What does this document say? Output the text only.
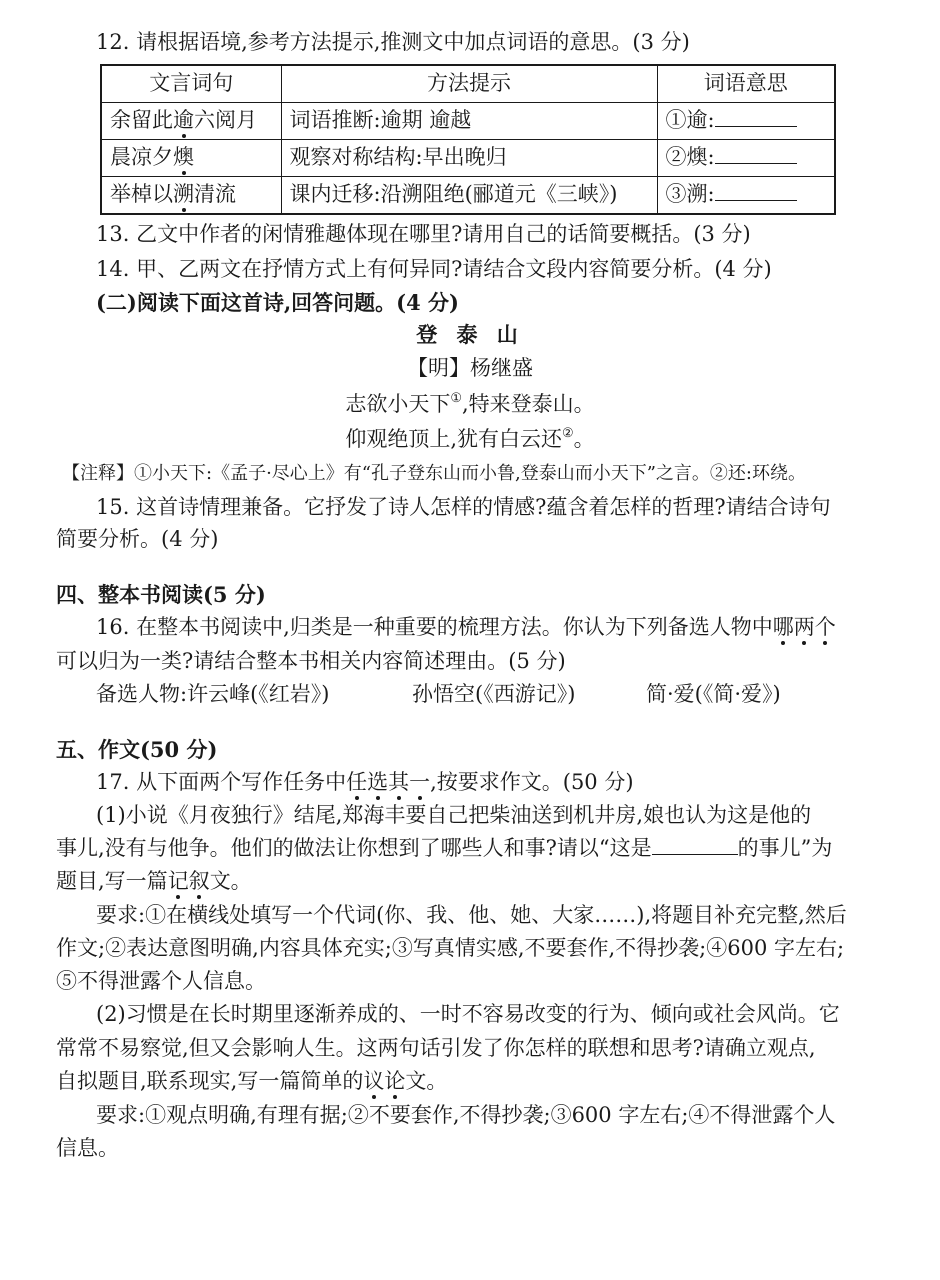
12. 请根据语境,参考方法提示,推测文中加点词语的意思。(3 分)
文言词句	方法提示	词语意思
余留此逾六阅月	词语推断:逾期 逾越	①逾:
晨凉夕燠	观察对称结构:早出晚归	②燠:
举棹以溯清流	课内迁移:沿溯阻绝(郦道元《三峡》)	③溯:
13. 乙文中作者的闲情雅趣体现在哪里?请用自己的话简要概括。(3 分)
14. 甲、乙两文在抒情方式上有何异同?请结合文段内容简要分析。(4 分)
(二)阅读下面这首诗,回答问题。(4 分)
登 泰 山
【明】杨继盛
志欲小天下①,特来登泰山。
仰观绝顶上,犹有白云还②。
【注释】①小天下:《孟子·尽心上》有“孔子登东山而小鲁,登泰山而小天下”之言。②还:环绕。
15. 这首诗情理兼备。它抒发了诗人怎样的情感?蕴含着怎样的哲理?请结合诗句
简要分析。(4 分)
四、整本书阅读(5 分)
16. 在整本书阅读中,归类是一种重要的梳理方法。你认为下列备选人物中哪两个
可以归为一类?请结合整本书相关内容简述理由。(5 分)
备选人物:许云峰(《红岩》)	孙悟空(《西游记》)	简·爱(《简·爱》)
五、作文(50 分)
17. 从下面两个写作任务中任选其一,按要求作文。(50 分)
(1)小说《月夜独行》结尾,郑海丰要自己把柴油送到机井房,娘也认为这是他的
事儿,没有与他争。他们的做法让你想到了哪些人和事?请以“这是	的事儿”为
题目,写一篇记叙文。
要求:①在横线处填写一个代词(你、我、他、她、大家……),将题目补充完整,然后
作文;②表达意图明确,内容具体充实;③写真情实感,不要套作,不得抄袭;④600 字左右;
⑤不得泄露个人信息。
(2)习惯是在长时期里逐渐养成的、一时不容易改变的行为、倾向或社会风尚。它
常常不易察觉,但又会影响人生。这两句话引发了你怎样的联想和思考?请确立观点,
自拟题目,联系现实,写一篇简单的议论文。
要求:①观点明确,有理有据;②不要套作,不得抄袭;③600 字左右;④不得泄露个人
信息。
